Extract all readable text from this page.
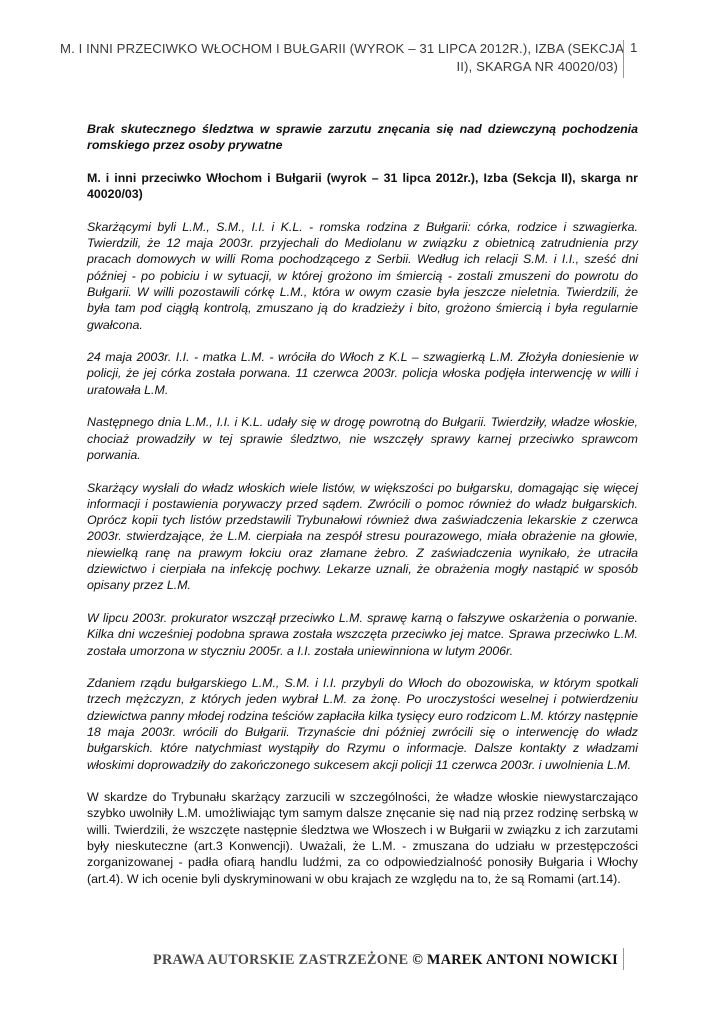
M. I INNI PRZECIWKO WŁOCHOM I BUŁGARII (WYROK – 31 LIPCA 2012R.), IZBA (SEKCJA
II), SKARGA NR 40020/03)
1

Brak skutecznego śledztwa w sprawie zarzutu znęcania się nad dziewczyną pochodzenia romskiego przez osoby prywatne

M. i inni przeciwko Włochom i Bułgarii (wyrok – 31 lipca 2012r.), Izba (Sekcja II), skarga nr 40020/03)

Skarżącymi byli L.M., S.M., I.I. i K.L. - romska rodzina z Bułgarii: córka, rodzice i szwagierka. Twierdzili, że 12 maja 2003r. przyjechali do Mediolanu w związku z obietnicą zatrudnienia przy pracach domowych w willi Roma pochodzącego z Serbii. Według ich relacji S.M. i I.I., sześć dni później - po pobiciu i w sytuacji, w której grożono im śmiercią - zostali zmuszeni do powrotu do Bułgarii. W willi pozostawili córkę L.M., która w owym czasie była jeszcze nieletnia. Twierdzili, że była tam pod ciągłą kontrolą, zmuszano ją do kradzieży i bito, grożono śmiercią i była regularnie gwałcona.

24 maja 2003r. I.I. - matka L.M. - wróciła do Włoch z K.L – szwagierką L.M. Złożyła doniesienie w policji, że jej córka została porwana. 11 czerwca 2003r. policja włoska podjęła interwencję w willi i uratowała L.M.

Następnego dnia L.M., I.I. i K.L. udały się w drogę powrotną do Bułgarii. Twierdziły, władze włoskie, chociaż prowadziły w tej sprawie śledztwo, nie wszczęły sprawy karnej przeciwko sprawcom porwania.

Skarżący wysłali do władz włoskich wiele listów, w większości po bułgarsku, domagając się więcej informacji i postawienia porywaczy przed sądem. Zwrócili o pomoc również do władz bułgarskich. Oprócz kopii tych listów przedstawili Trybunałowi również dwa zaświadczenia lekarskie z czerwca 2003r. stwierdzające, że L.M. cierpiała na zespół stresu pourazowego, miała obrażenie na głowie, niewielką ranę na prawym łokciu oraz złamane żebro. Z zaświadczenia wynikało, że utraciła dziewictwo i cierpiała na infekcję pochwy. Lekarze uznali, że obrażenia mogły nastąpić w sposób opisany przez L.M.

W lipcu 2003r. prokurator wszczął przeciwko L.M. sprawę karną o fałszywe oskarżenia o porwanie. Kilka dni wcześniej podobna sprawa została wszczęta przeciwko jej matce. Sprawa przeciwko L.M. została umorzona w styczniu 2005r. a I.I. została uniewinniona w lutym 2006r.

Zdaniem rządu bułgarskiego L.M., S.M. i I.I. przybyli do Włoch do obozowiska, w którym spotkali trzech mężczyzn, z których jeden wybrał L.M. za żonę. Po uroczystości weselnej i potwierdzeniu dziewictwa panny młodej rodzina teściów zapłaciła kilka tysięcy euro rodzicom L.M. którzy następnie 18 maja 2003r. wrócili do Bułgarii. Trzynaście dni później zwrócili się o interwencję do władz bułgarskich. które natychmiast wystąpiły do Rzymu o informacje. Dalsze kontakty z władzami włoskimi doprowadziły do zakończonego sukcesem akcji policji 11 czerwca 2003r. i uwolnienia L.M.

W skardze do Trybunału skarżący zarzucili w szczególności, że władze włoskie niewystarczająco szybko uwolniły L.M. umożliwiając tym samym dalsze znęcanie się nad nią przez rodzinę serbską w willi. Twierdzili, że wszczęte następnie śledztwa we Włoszech i w Bułgarii w związku z ich zarzutami były nieskuteczne (art.3 Konwencji). Uważali, że L.M. - zmuszana do udziału w przestępczości zorganizowanej - padła ofiarą handlu ludźmi, za co odpowiedzialność ponosiły Bułgaria i Włochy (art.4). W ich ocenie byli dyskryminowani w obu krajach ze względu na to, że są Romami (art.14).

PRAWA AUTORSKIE ZASTRZEŻONE © MAREK ANTONI NOWICKI
